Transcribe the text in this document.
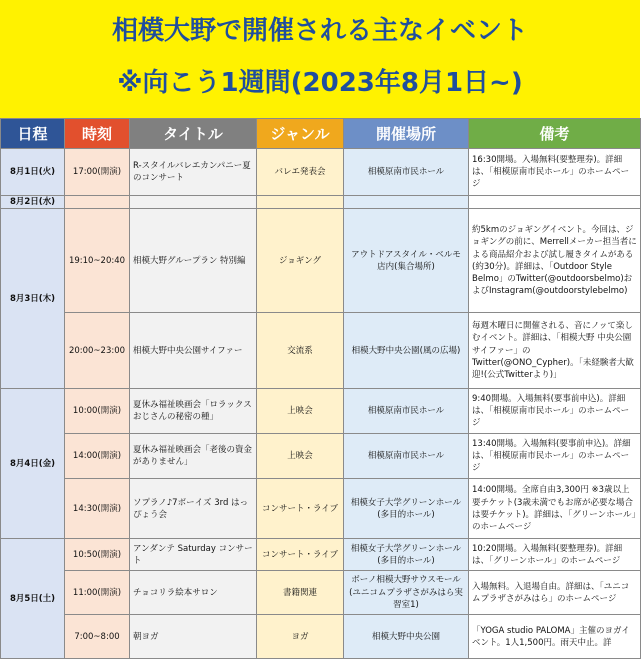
相模大野で開催される主なイベント
※向こう1週間(2023年8月1日~)
日程	時刻	タイトル	ジャンル	開催場所	備考
8月1日(火)	17:00(開演)	R-スタイルバレエカンパニー夏のコンサート	バレエ発表会	相模原南市民ホール	16:30開場。入場無料(要整理券)。詳細は、「相模原南市民ホール」のホームページ
8月2日(水)					
8月3日(木)	19:10~20:40	相模大野グループラン 特別編	ジョギング	アウトドアスタイル・ベルモ店内(集合場所)	約5kmのジョギングイベント。今回は、ジョギングの前に、Merrellメーカー担当者による商品紹介および試し履きタイムがある(約30分)。詳細は、「Outdoor Style Belmo」のTwitter(@outdoorsbelmo)およびInstagram(@outdoorstylebelmo)
	20:00~23:00	相模大野中央公園サイファー	交流系	相模大野中央公園(風の広場)	毎週木曜日に開催される、音にノッて楽しむイベント。詳細は、「相模大野 中央公園サイファー」のTwitter(@ONO_Cypher)。「未経験者大歓迎!(公式Twitterより)」
8月4日(金)	10:00(開演)	夏休み福祉映画会「ロラックスおじさんの秘密の種」	上映会	相模原南市民ホール	9:40開場。入場無料(要事前申込)。詳細は、「相模原南市民ホール」のホームページ
	14:00(開演)	夏休み福祉映画会「老後の資金がありません」	上映会	相模原南市民ホール	13:40開場。入場無料(要事前申込)。詳細は、「相模原南市民ホール」のホームページ
	14:30(開演)	ソプラノ♪7ボーイズ 3rd はっぴょう会	コンサート・ライブ	相模女子大学グリーンホール(多目的ホール)	14:00開場。全席自由3,300円 ※3歳以上要チケット(3歳未満でもお席が必要な場合は要チケット)。詳細は、「グリーンホール」のホームページ
8月5日(土)	10:50(開演)	アンダンテ Saturday コンサート	コンサート・ライブ	相模女子大学グリーンホール(多目的ホール)	10:20開場。入場無料(要整理券)。詳細は、「グリーンホール」のホームページ
	11:00(開演)	チョコリラ絵本サロン	書籍関連	ボーノ相模大野サウスモール(ユニコムプラザさがみはら実習室1)	入場無料。入退場自由。詳細は、「ユニコムプラザさがみはら」のホームページ
	7:00~8:00	朝ヨガ	ヨガ	相模大野中央公園	「YOGA studio PALOMA」主催のヨガイベント。1人1,500円。雨天中止。詳
